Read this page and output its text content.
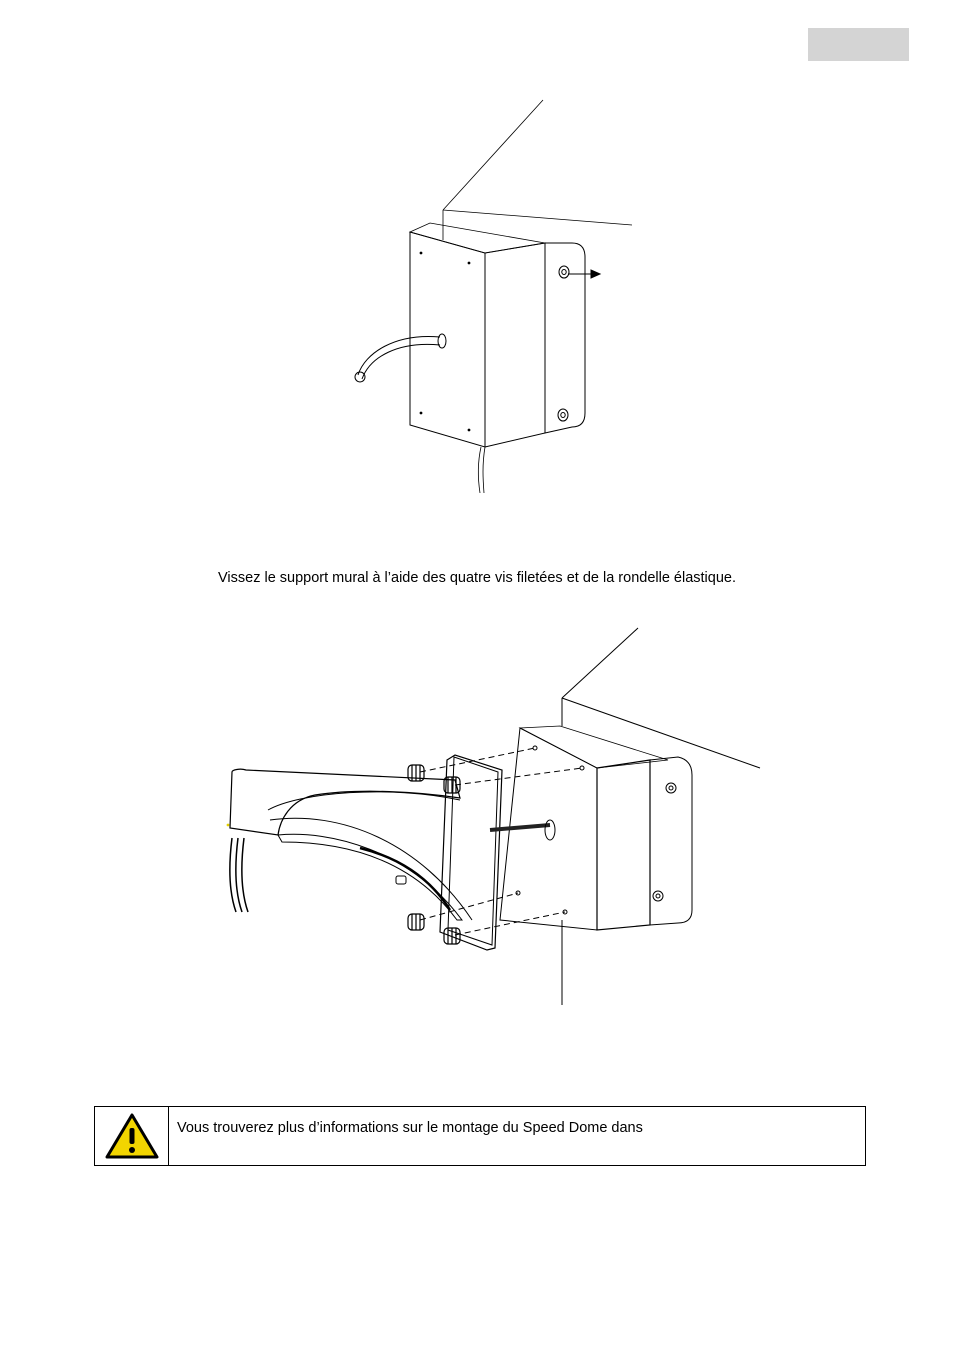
Vissez le support mural à l’aide des quatre vis filetées et de la rondelle élastique.
Vous trouverez plus d’informations sur le montage du Speed Dome dans
